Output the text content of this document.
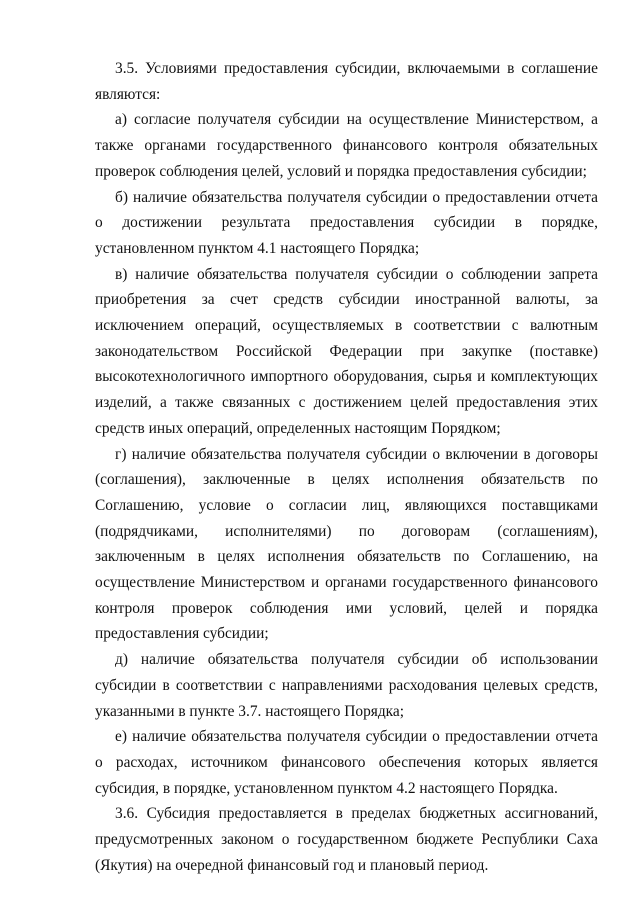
3.5. Условиями предоставления субсидии, включаемыми в соглашение являются:

а) согласие получателя субсидии на осуществление Министерством, а также органами государственного финансового контроля обязательных проверок соблюдения целей, условий и порядка предоставления субсидии;

б) наличие обязательства получателя субсидии о предоставлении отчета о достижении результата предоставления субсидии в порядке, установленном пунктом 4.1 настоящего Порядка;

в) наличие обязательства получателя субсидии о соблюдении запрета приобретения за счет средств субсидии иностранной валюты, за исключением операций, осуществляемых в соответствии с валютным законодательством Российской Федерации при закупке (поставке) высокотехнологичного импортного оборудования, сырья и комплектующих изделий, а также связанных с достижением целей предоставления этих средств иных операций, определенных настоящим Порядком;

г) наличие обязательства получателя субсидии о включении в договоры (соглашения), заключенные в целях исполнения обязательств по Соглашению, условие о согласии лиц, являющихся поставщиками (подрядчиками, исполнителями) по договорам (соглашениям), заключенным в целях исполнения обязательств по Соглашению, на осуществление Министерством и органами государственного финансового контроля проверок соблюдения ими условий, целей и порядка предоставления субсидии;

д) наличие обязательства получателя субсидии об использовании субсидии в соответствии с направлениями расходования целевых средств, указанными в пункте 3.7. настоящего Порядка;

е) наличие обязательства получателя субсидии о предоставлении отчета о расходах, источником финансового обеспечения которых является субсидия, в порядке, установленном пунктом 4.2 настоящего Порядка.

3.6. Субсидия предоставляется в пределах бюджетных ассигнований, предусмотренных законом о государственном бюджете Республики Саха (Якутия) на очередной финансовый год и плановый период.
